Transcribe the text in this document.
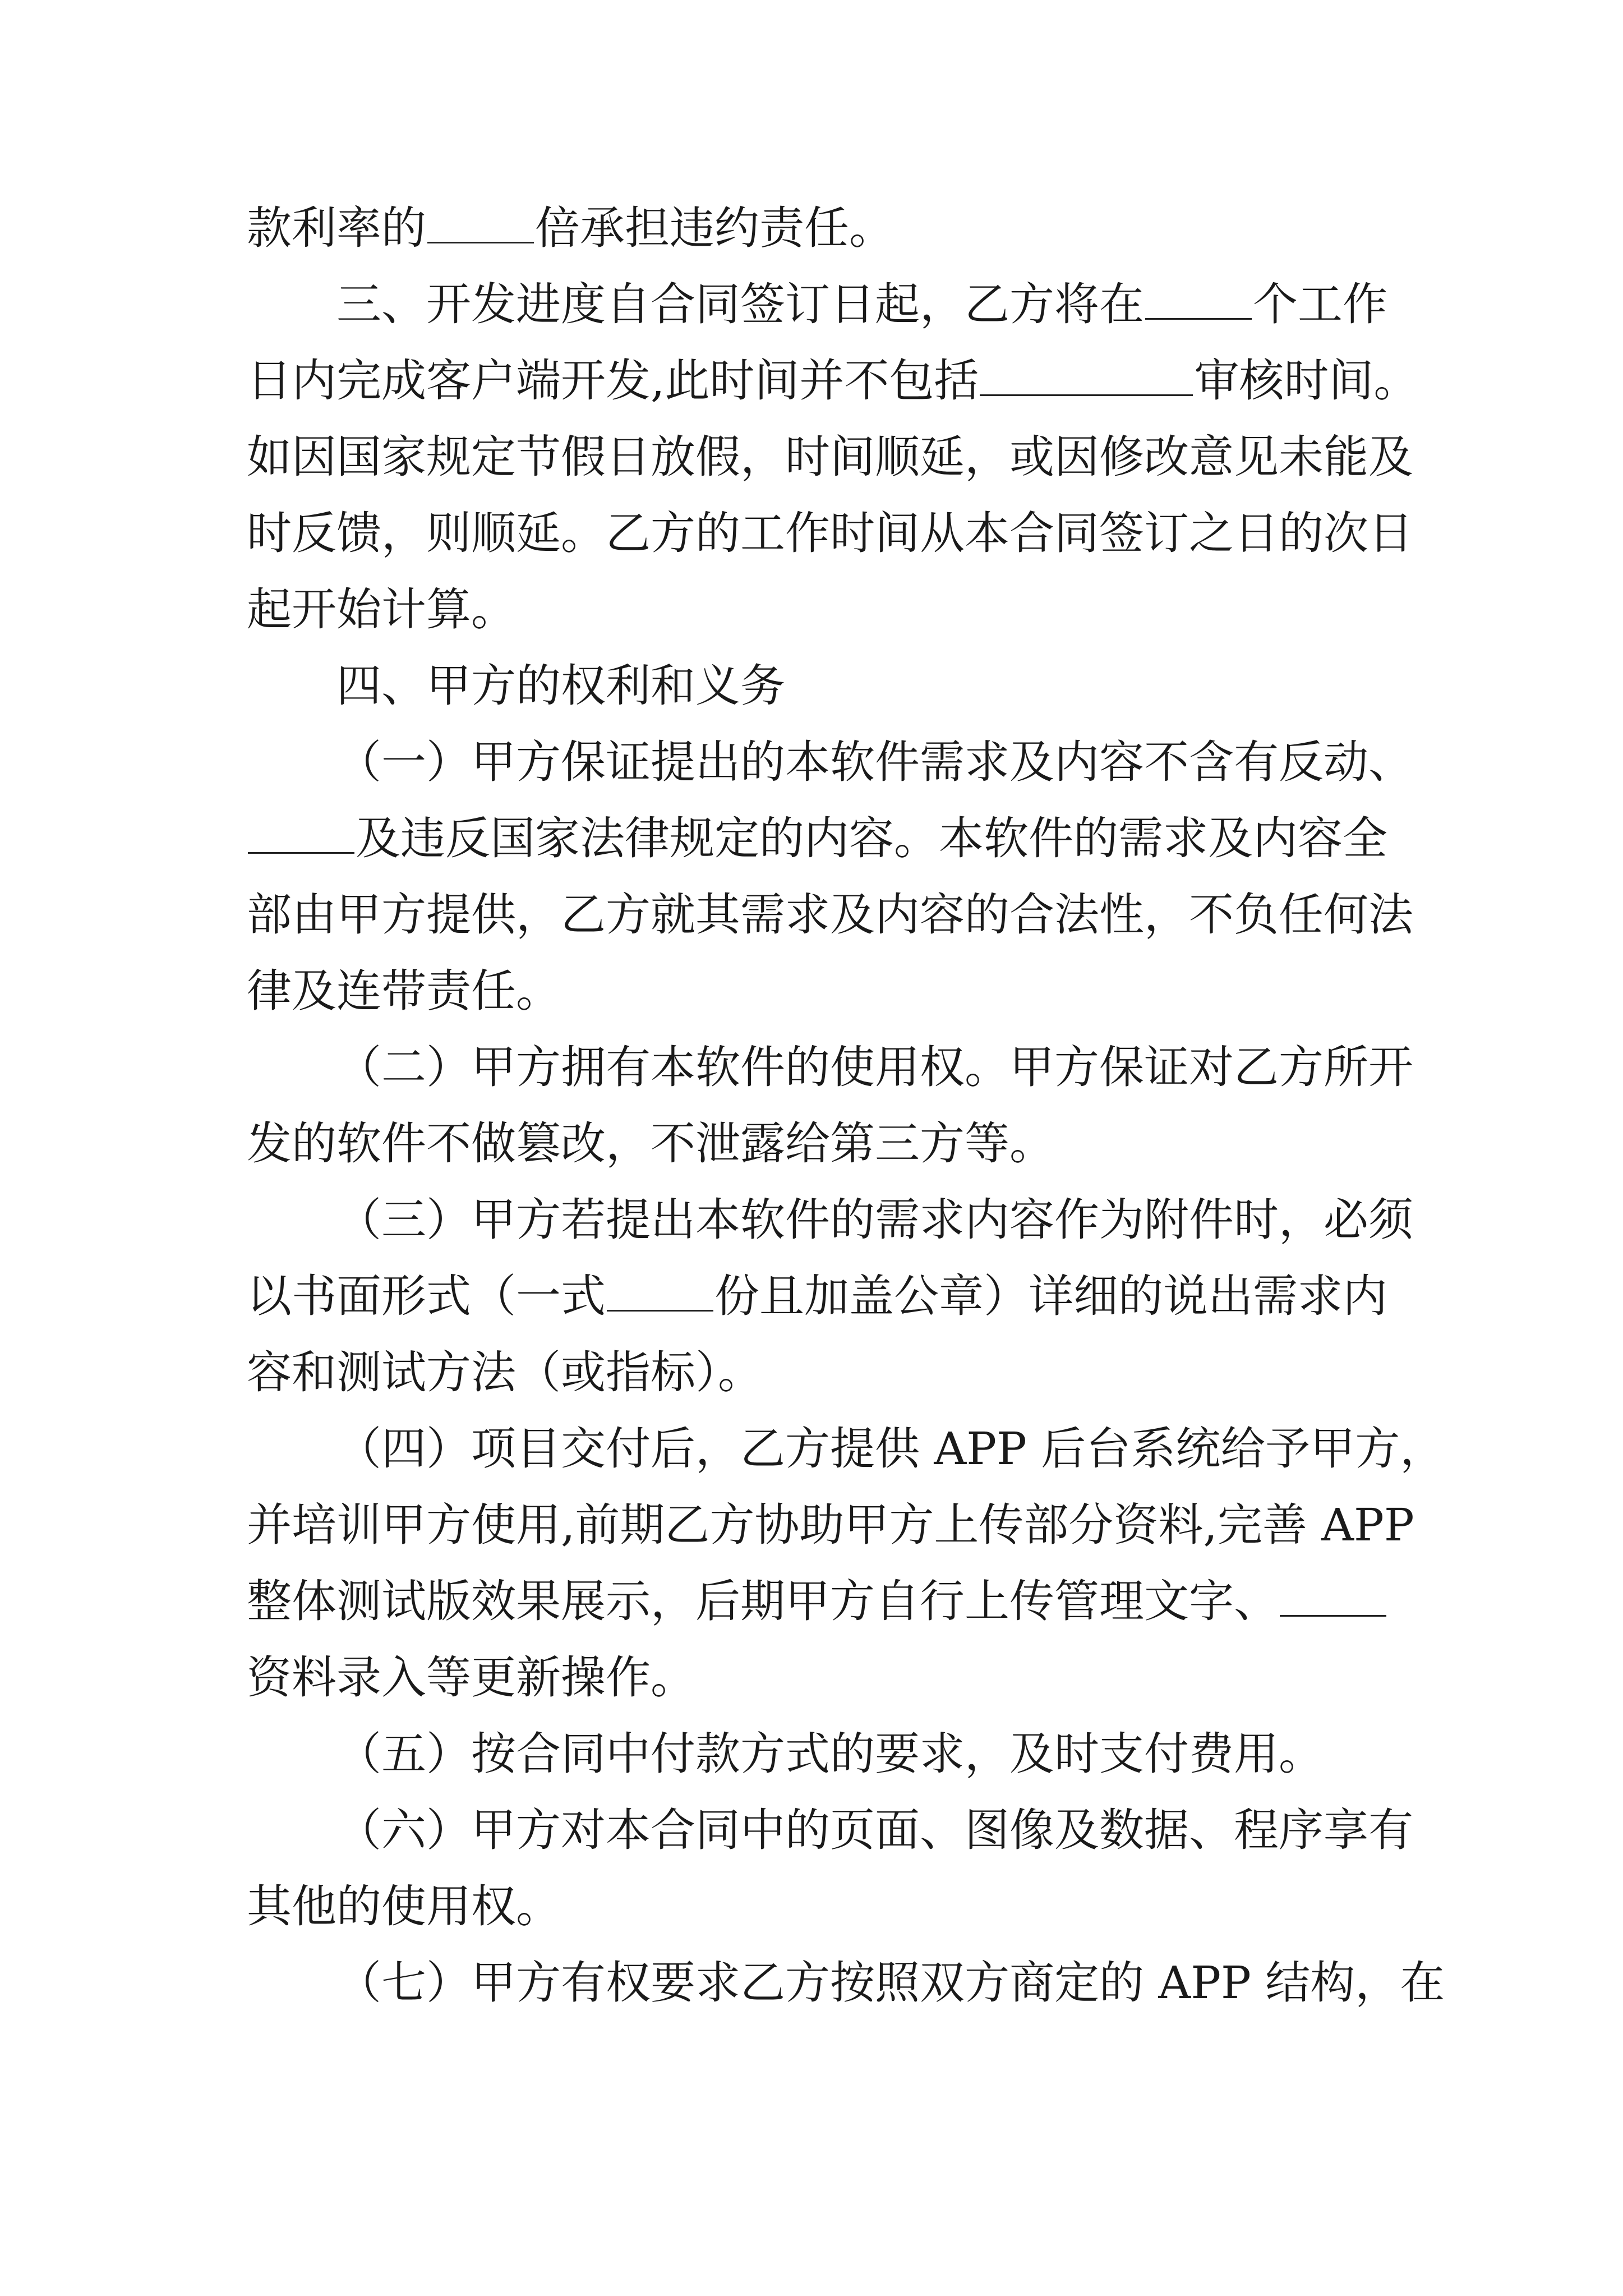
款利率的 倍承担违约责任。
三、开发进度自合同签订日起，乙方将在 个工作
日内完成客户端开发,此时间并不包括	审核时间。
如因国家规定节假日放假，时间顺延，或因修改意见未能及
时反馈，则顺延。乙方的工作时间从本合同签订之日的次日
起开始计算。
四、甲方的权利和义务
（一）甲方保证提出的本软件需求及内容不含有反动、
及违反国家法律规定的内容。本软件的需求及内容全
部由甲方提供，乙方就其需求及内容的合法性，不负任何法
律及连带责任。
（二）甲方拥有本软件的使用权。甲方保证对乙方所开
发的软件不做篡改，不泄露给第三方等。
（三）甲方若提出本软件的需求内容作为附件时，必须
以书面形式（一式 份且加盖公章）详细的说出需求内
容和测试方法（或指标）。
（四）项目交付后，乙方提供 APP 后台系统给予甲方，
并培训甲方使用,前期乙方协助甲方上传部分资料,完善 APP
整体测试版效果展示，后期甲方自行上传管理文字、
资料录入等更新操作。
（五）按合同中付款方式的要求，及时支付费用。
（六）甲方对本合同中的页面、图像及数据、程序享有
其他的使用权。
（七）甲方有权要求乙方按照双方商定的 APP 结构，在
